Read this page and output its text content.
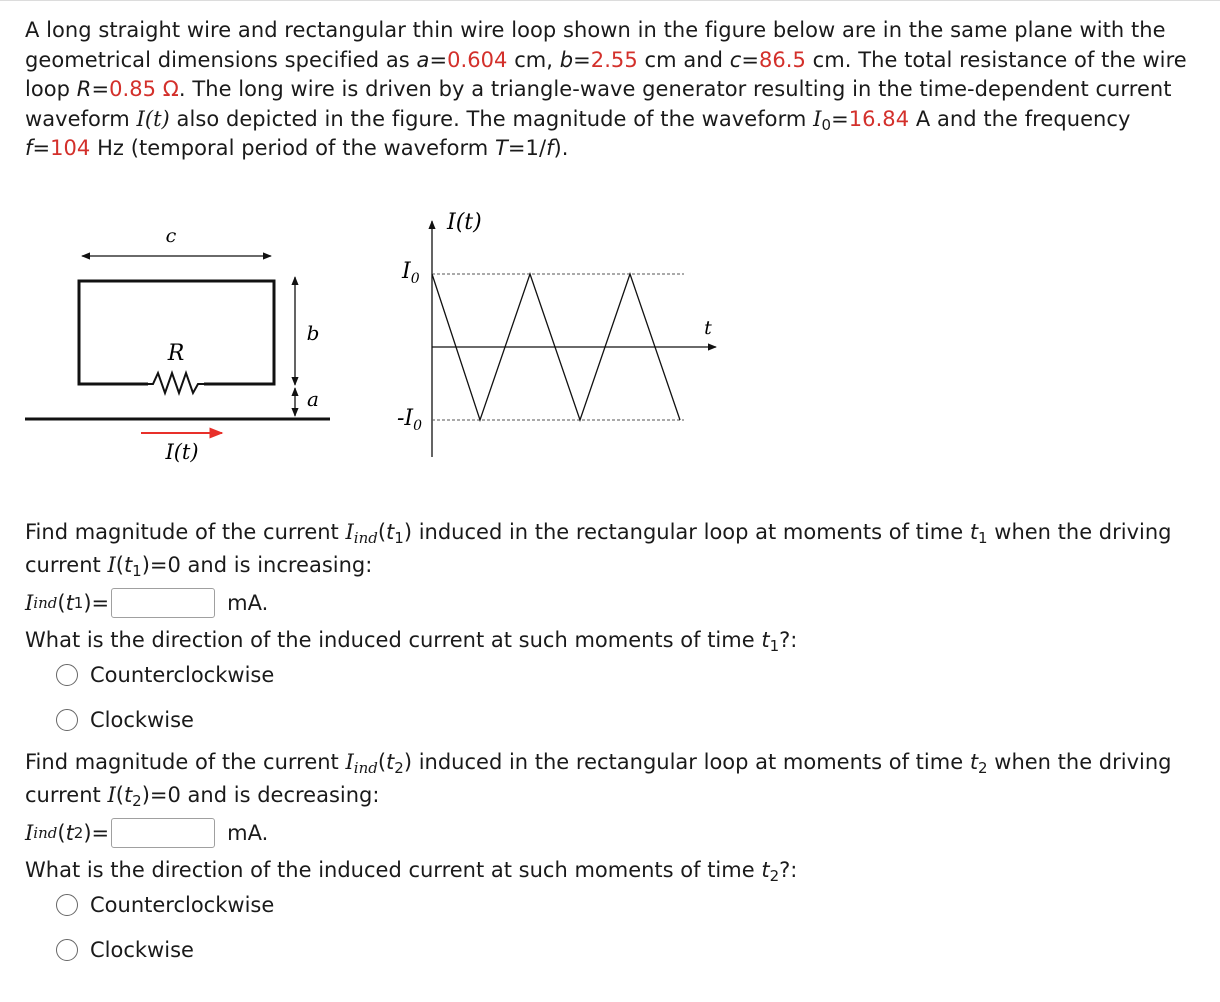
A long straight wire and rectangular thin wire loop shown in the figure below are in the same plane with the geometrical dimensions specified as a=0.604 cm, b=2.55 cm and c=86.5 cm. The total resistance of the wire loop R=0.85 Ω. The long wire is driven by a triangle-wave generator resulting in the time-dependent current waveform I(t) also depicted in the figure. The magnitude of the waveform $I_0=16.84$ A and the frequency f=104 Hz (temporal period of the waveform T=1/f).
c
R
b
a
I(t)
I(t)
t
$I_0$
$-I_0$
Find magnitude of the current $I_{ind}(t_1)$ induced in the rectangular loop at moments of time $t_1$ when the driving current $I(t_1)=0$ and is increasing:
I ind ( t 1 ) =	mA.
What is the direction of the induced current at such moments of time $t_1$?:
Counterclockwise
Clockwise
Find magnitude of the current $I_{ind}(t_2)$ induced in the rectangular loop at moments of time $t_2$ when the driving current $I(t_2)=0$ and is decreasing:
I ind ( t 2 ) =	mA.
What is the direction of the induced current at such moments of time $t_2$?:
Counterclockwise
Clockwise
